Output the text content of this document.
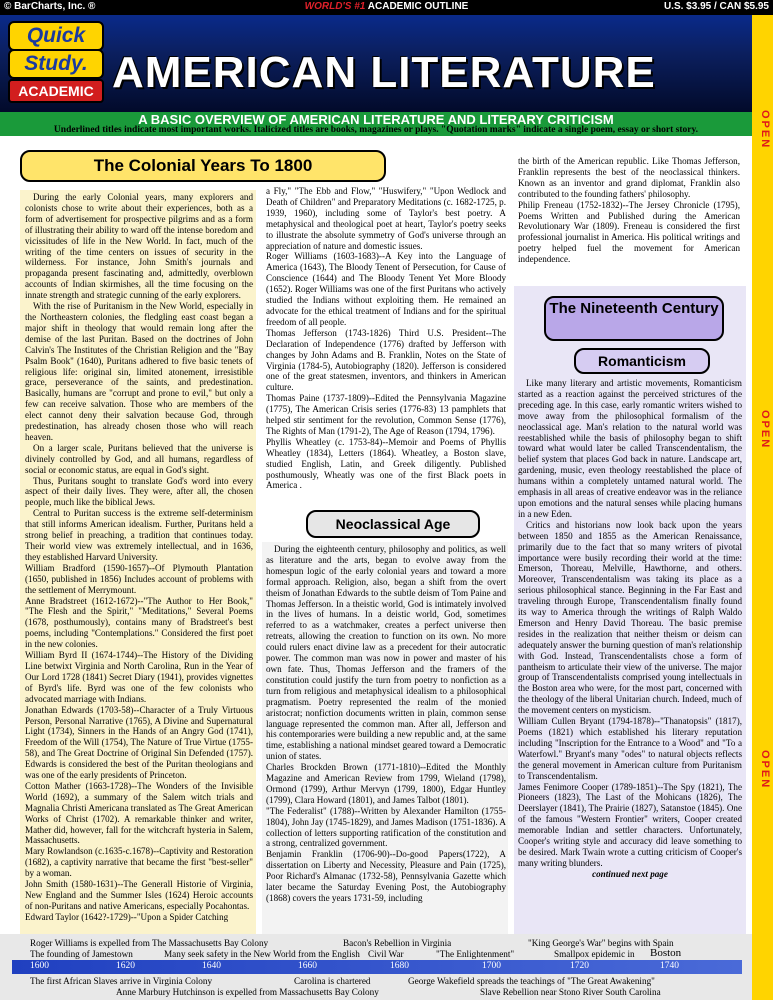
© BarCharts, Inc. ®	WORLD'S #1 ACADEMIC OUTLINE	U.S. $3.95 / CAN $5.95
Quick
Study.
ACADEMIC AMERICAN LITERATURE
A BASIC OVERVIEW OF AMERICAN LITERATURE AND LITERARY CRITICISM
Underlined titles indicate most important works. Italicized titles are books, magazines or plays. "Quotation marks" indicate a single poem, essay or short story.	OPEN
OPEN
OPEN
The Colonial Years To 1800

During the early Colonial years, many explorers and colonists chose to write about their experiences, both as a form of advertisement for prospective pilgrims and as a form of illustrating their ability to ward off the intense boredom and vicissitudes of life in the New World. In fact, much of the writing of the time centers on issues of security in the wilderness. For instance, John Smith's journals and propaganda present fascinating and, admittedly, overblown accounts of Indian skirmishes, all the time focusing on the innate strength and strategic cunning of the early explorers.

With the rise of Puritanism in the New World, especially in the Northeastern colonies, the fledgling east coast began a major shift in theology that would remain long after the demise of the last Puritan. Based on the doctrines of John Calvin's The Institutes of the Christian Religion and the "Bay Psalm Book" (1640), Puritans adhered to five basic tenets of religious life: original sin, limited atonement, irresistible grace, perseverance of the saints, and predestination. Basically, humans are "corrupt and prone to evil," but only a few can receive salvation. Those who are members of the elect cannot deny their salvation because God, through predestination, has already chosen those who will reach heaven.

On a larger scale, Puritans believed that the universe is divinely controlled by God, and all humans, regardless of social or economic status, are equal in God's sight.

Thus, Puritans sought to translate God's word into every aspect of their daily lives. They were, after all, the chosen people, much like the biblical Jews.

Central to Puritan success is the extreme self-determinism that still informs American idealism. Further, Puritans held a strong belief in preaching, a tradition that continues today. Their world view was extremely intellectual, and in 1636, they established Harvard University.

William Bradford (1590-1657)--Of Plymouth Plantation (1650, published in 1856) Includes account of problems with the settlement of Merrymount.

Anne Bradstreet (1612-1672)--"The Author to Her Book," "The Flesh and the Spirit," "Meditations," Several Poems (1678, posthumously), contains many of Bradstreet's best poems, including "Contemplations." Considered the first poet in the new colonies.

William Byrd II (1674-1744)--The History of the Dividing Line betwixt Virginia and North Carolina, Run in the Year of Our Lord 1728 (1841) Secret Diary (1941), provides vignettes of Byrd's life. Byrd was one of the few colonists who advocated marriage with Indians.

Jonathan Edwards (1703-58)--Character of a Truly Virtuous Person, Personal Narrative (1765), A Divine and Supernatural Light (1734), Sinners in the Hands of an Angry God (1741), Freedom of the Will (1754), The Nature of True Virtue (1755-58), and The Great Doctrine of Original Sin Defended (1757). Edwards is considered the best of the Puritan theologians and was one of the early presidents of Princeton.

Cotton Mather (1663-1728)--The Wonders of the Invisible World (1692), a summary of the Salem witch trials and Magnalia Christi Americana translated as The Great American Works of Christ (1702). A remarkable thinker and writer, Mather did, however, fall for the witchcraft hysteria in Salem, Massachusetts.

Mary Rowlandson (c.1635-c.1678)--Captivity and Restoration (1682), a captivity narrative that became the first "best-seller" by a woman.

John Smith (1580-1631)--The Generall Historie of Virginia, New England and the Summer Isles (1624) Heroic accounts of non-Puritans and native Americans, especially Pocahontas.

Edward Taylor (1642?-1729)--"Upon a Spider Catching

a Fly," "The Ebb and Flow," "Huswifery," "Upon Wedlock and Death of Children" and Preparatory Meditations (c. 1682-1725, p. 1939, 1960), including some of Taylor's best poetry. A metaphysical and theological poet at heart, Taylor's poetry seeks to illustrate the absolute symmetry of God's universe through an appreciation of nature and domestic issues.

Roger Williams (1603-1683)--A Key into the Language of America (1643), The Bloody Tenent of Persecution, for Cause of Conscience (1644) and The Bloody Tenent Yet More Bloody (1652). Roger Williams was one of the first Puritans who actively studied the Indians without exploiting them. He remained an advocate for the ethical treatment of Indians and for the spiritual freedom of all people.

Thomas Jefferson (1743-1826) Third U.S. President--The Declaration of Independence (1776) drafted by Jefferson with changes by John Adams and B. Franklin, Notes on the State of Virginia (1784-5), Autobiography (1820). Jefferson is considered one of the great statesmen, inventors, and thinkers in American culture.

Thomas Paine (1737-1809)--Edited the Pennsylvania Magazine (1775), The American Crisis series (1776-83) 13 pamphlets that helped stir sentiment for the revolution, Common Sense (1776), The Rights of Man (1791-2), The Age of Reason (1794, 1796).

Phyllis Wheatley (c. 1753-84)--Memoir and Poems of Phyllis Wheatley (1834), Letters (1864). Wheatley, a Boston slave, studied English, Latin, and Greek diligently. Published posthumously, Wheatly was one of the first Black poets in America .

Neoclassical Age

During the eighteenth century, philosophy and politics, as well as literature and the arts, began to evolve away from the homespun logic of the early colonial years and toward a more formal approach. Religion, also, began a shift from the overt theism of Jonathan Edwards to the subtle deism of Tom Paine and Thomas Jefferson. In a theistic world, God is intimately involved in the lives of humans. In a deistic world, God, sometimes referred to as a watchmaker, creates a perfect universe then retreats, allowing the creation to function on its own. No more could rulers enact divine law as a precedent for their autocratic power. The common man was now in power and master of his own fate. Thus, Thomas Jefferson and the framers of the constitution could justify the turn from poetry to nonfiction as a turn from religious and metaphysical idealism to a philosophical pragmatism. Poetry represented the realm of the monied aristocrat; nonfiction documents written in plain, common sense language represented the common man. After all, Jefferson and his contemporaries were building a new republic and, at the same time, establishing a national mindset geared toward a Democratic union of states.

Charles Brockden Brown (1771-1810)--Edited the Monthly Magazine and American Review from 1799, Wieland (1798), Ormond (1799), Arthur Mervyn (1799, 1800), Edgar Huntley (1799), Clara Howard (1801), and James Talbot (1801).

"The Federalist" (1788)--Written by Alexander Hamilton (1755-1804), John Jay (1745-1829), and James Madison (1751-1836). A collection of letters supporting ratification of the constitution and a strong, centralized government.

Benjamin Franklin (1706-90)--Do-good Papers(1722), A dissertation on Liberty and Necessity, Pleasure and Pain (1725), Poor Richard's Almanac (1732-58), Pennsylvania Gazette which later became the Saturday Evening Post, the Autobiography (1868) covers the years 1731-59, including

the birth of the American republic. Like Thomas Jefferson, Franklin represents the best of the neoclassical thinkers. Known as an inventor and grand diplomat, Franklin also contributed to the founding fathers' philosophy.

Philip Freneau (1752-1832)--The Jersey Chronicle (1795), Poems Written and Published during the American Revolutionary War (1809). Freneau is considered the first professional journalist in America. His political writings and poetry helped fuel the movement for American independence.

The Nineteenth Century
Romanticism

Like many literary and artistic movements, Romanticism started as a reaction against the perceived strictures of the preceding age. In this case, early romantic writers wished to move away from the philosophical formalism of the neoclassical age. Man's relation to the natural world was reestablished while the basis of philosophy began to shift toward what would later be called Transcendentalism, the belief system that places God back in nature. Landscape art, gardening, music, even theology reestablished the place of humans within a completely untamed natural world. The emphasis in all areas of creative endeavor was in the reliance upon emotions and the natural senses while placing humans in a new Eden.

Critics and historians now look back upon the years between 1850 and 1855 as the American Renaissance, primarily due to the fact that so many writers of pivotal importance were busily recording their world at the time: Emerson, Thoreau, Melville, Hawthorne, and others. Moreover, Transcendentalism was taking its place as a serious philosophical stance. Beginning in the Far East and traveling through Europe, Transcendentalism finally found its way to America through the writings of Ralph Waldo Emerson and Henry David Thoreau. The basic premise resides in the realization that neither theism or deism can adequately answer the burning question of man's relationship with God. Instead, Transcendentalists chose a form of pantheism to articulate their view of the universe. The major group of Transcendentalists comprised young intellectuals in the Boston area who were, for the most part, concerned with the theology of the liberal Unitarian church. Indeed, much of the movement centers on mysticism.

William Cullen Bryant (1794-1878)--"Thanatopsis" (1817), Poems (1821) which established his literary reputation including "Inscription for the Entrance to a Wood" and "To a Waterfowl." Bryant's many "odes" to natural objects reflects the general movement in American culture from Puritanism to Transcendentalism.

James Fenimore Cooper (1789-1851)--The Spy (1821), The Pioneers (1823), The Last of the Mohicans (1826), The Deerslayer (1841), The Prairie (1827), Satanstoe (1845). One of the famous "Western Frontier" writers, Cooper created memorable Indian and settler characters. Unfortunately, Cooper's writing style and accuracy did leave something to be desired. Mark Twain wrote a cutting criticism of Cooper's many writing blunders.

continued next page

1600	1620	1640	1660	1680	1700	1720	1740
Roger Williams is expelled from The Massachusetts Bay Colony	Bacon's Rebellion in Virginia	"King George's War" begins with Spain
The founding of Jamestown	Many seek safety in the New World from the English Civil War	"The Enlightenment"	Smallpox epidemic in Boston
The first African Slaves arrive in Virginia Colony	Carolina is chartered	George Wakefield spreads the teachings of "The Great Awakening"
Anne Marbury Hutchinson is expelled from Massachusetts Bay Colony	Slave Rebellion near Stono River South Carolina
